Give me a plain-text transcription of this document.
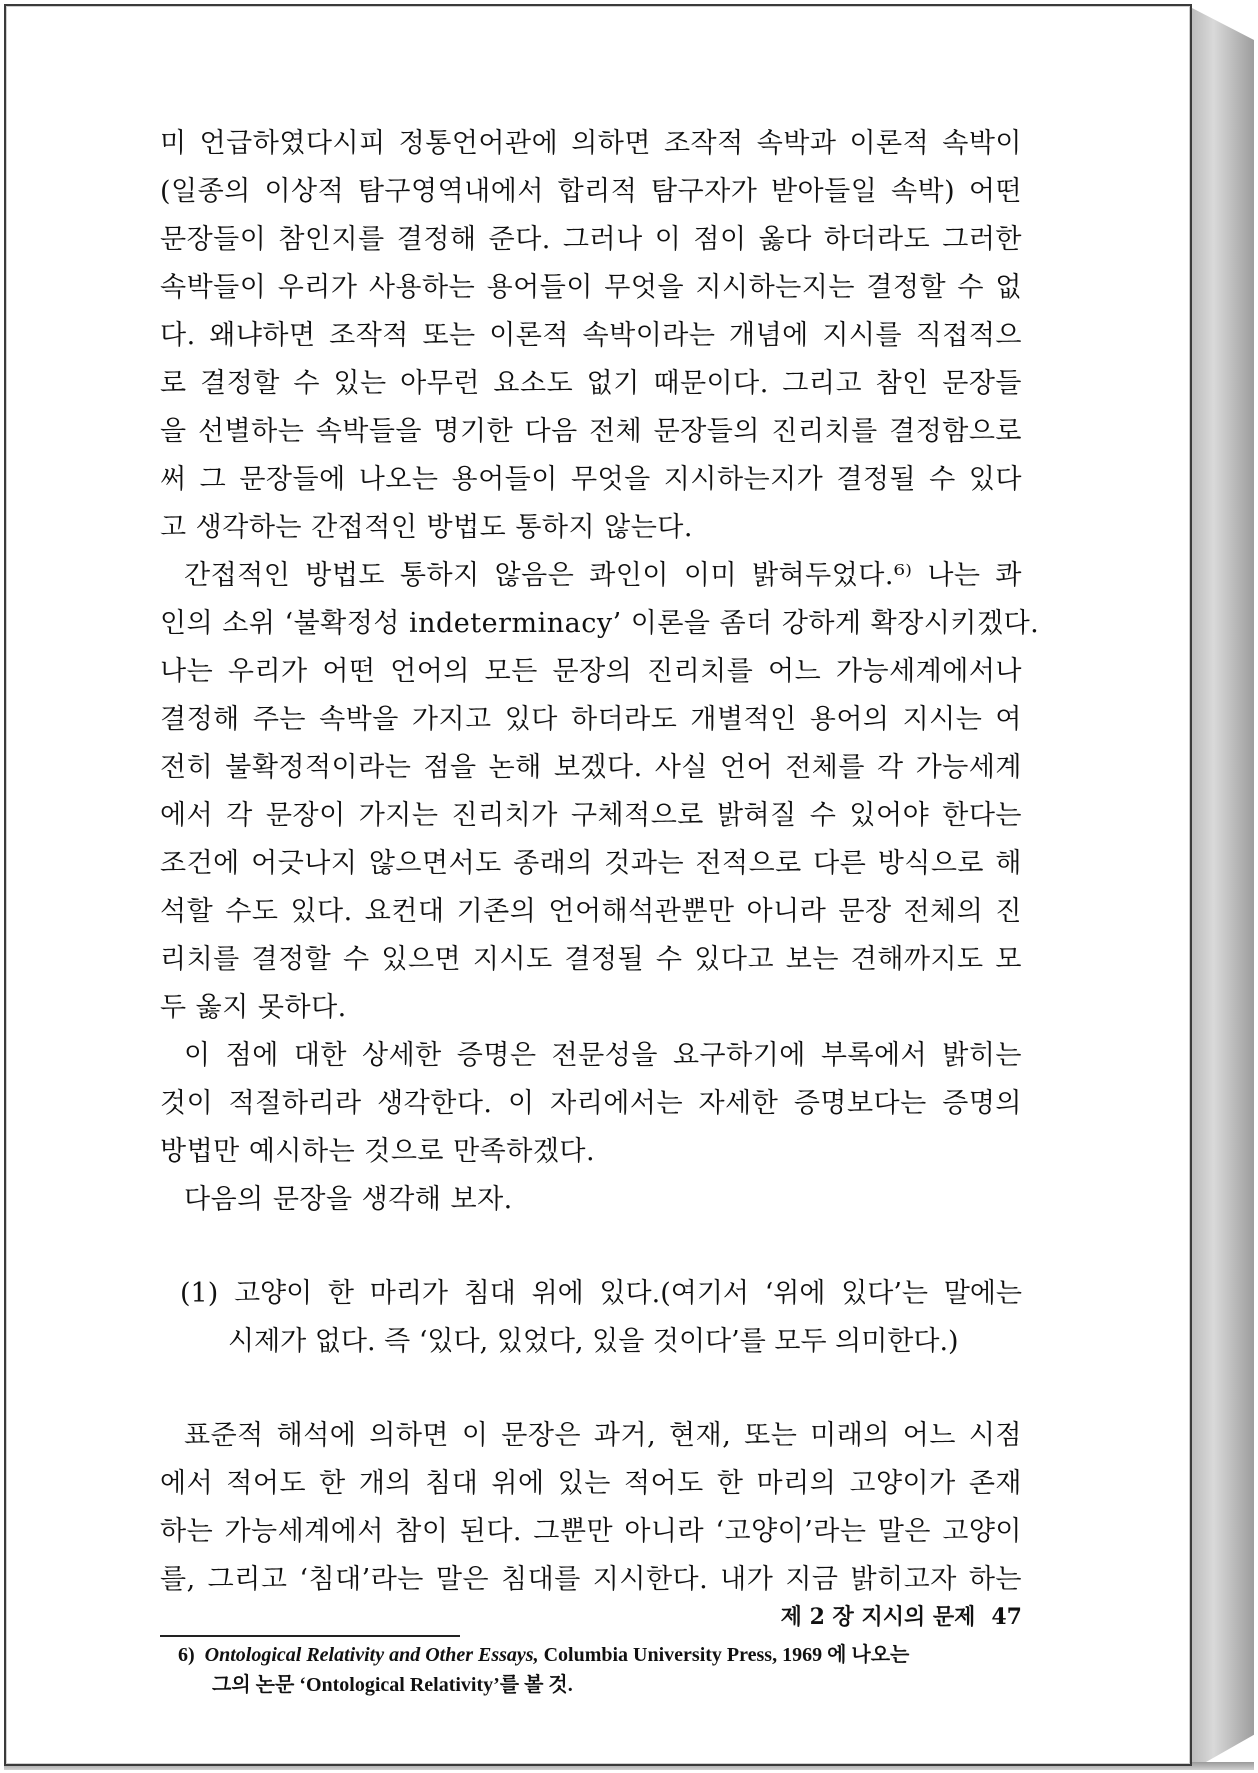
미 언급하였다시피 정통언어관에 의하면 조작적 속박과 이론적 속박이
(일종의 이상적 탐구영역내에서 합리적 탐구자가 받아들일 속박) 어떤
문장들이 참인지를 결정해 준다. 그러나 이 점이 옳다 하더라도 그러한
속박들이 우리가 사용하는 용어들이 무엇을 지시하는지는 결정할 수 없
다. 왜냐하면 조작적 또는 이론적 속박이라는 개념에 지시를 직접적으
로 결정할 수 있는 아무런 요소도 없기 때문이다. 그리고 참인 문장들
을 선별하는 속박들을 명기한 다음 전체 문장들의 진리치를 결정함으로
써 그 문장들에 나오는 용어들이 무엇을 지시하는지가 결정될 수 있다
고 생각하는 간접적인 방법도 통하지 않는다.
간접적인 방법도 통하지 않음은 콰인이 이미 밝혀두었다.⁶⁾ 나는 콰
인의 소위 ‘불확정성 indeterminacy’ 이론을 좀더 강하게 확장시키겠다.
나는 우리가 어떤 언어의 모든 문장의 진리치를 어느 가능세계에서나
결정해 주는 속박을 가지고 있다 하더라도 개별적인 용어의 지시는 여
전히 불확정적이라는 점을 논해 보겠다. 사실 언어 전체를 각 가능세계
에서 각 문장이 가지는 진리치가 구체적으로 밝혀질 수 있어야 한다는
조건에 어긋나지 않으면서도 종래의 것과는 전적으로 다른 방식으로 해
석할 수도 있다. 요컨대 기존의 언어해석관뿐만 아니라 문장 전체의 진
리치를 결정할 수 있으면 지시도 결정될 수 있다고 보는 견해까지도 모
두 옳지 못하다.
이 점에 대한 상세한 증명은 전문성을 요구하기에 부록에서 밝히는
것이 적절하리라 생각한다. 이 자리에서는 자세한 증명보다는 증명의
방법만 예시하는 것으로 만족하겠다.
다음의 문장을 생각해 보자.
(1) 고양이 한 마리가 침대 위에 있다.(여기서 ‘위에 있다’는 말에는
시제가 없다. 즉 ‘있다, 있었다, 있을 것이다’를 모두 의미한다.)
표준적 해석에 의하면 이 문장은 과거, 현재, 또는 미래의 어느 시점
에서 적어도 한 개의 침대 위에 있는 적어도 한 마리의 고양이가 존재
하는 가능세계에서 참이 된다. 그뿐만 아니라 ‘고양이’라는 말은 고양이
를, 그리고 ‘침대’라는 말은 침대를 지시한다. 내가 지금 밝히고자 하는
제 2 장 지시의 문제 47
6) Ontological Relativity and Other Essays, Columbia University Press, 1969 에 나오는
그의 논문 ‘Ontological Relativity’를 볼 것.
